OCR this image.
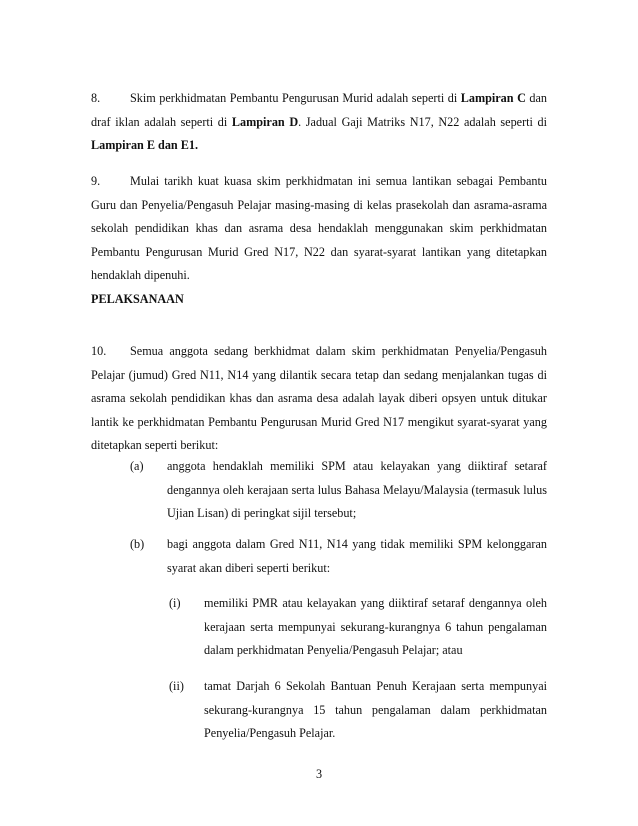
8. Skim perkhidmatan Pembantu Pengurusan Murid adalah seperti di Lampiran C dan draf iklan adalah seperti di Lampiran D. Jadual Gaji Matriks N17, N22 adalah seperti di Lampiran E dan E1.

9. Mulai tarikh kuat kuasa skim perkhidmatan ini semua lantikan sebagai Pembantu Guru dan Penyelia/Pengasuh Pelajar masing-masing di kelas prasekolah dan asrama-asrama sekolah pendidikan khas dan asrama desa hendaklah menggunakan skim perkhidmatan Pembantu Pengurusan Murid Gred N17, N22 dan syarat-syarat lantikan yang ditetapkan hendaklah dipenuhi.

PELAKSANAAN

10. Semua anggota sedang berkhidmat dalam skim perkhidmatan Penyelia/Pengasuh Pelajar (jumud) Gred N11, N14 yang dilantik secara tetap dan sedang menjalankan tugas di asrama sekolah pendidikan khas dan asrama desa adalah layak diberi opsyen untuk ditukar lantik ke perkhidmatan Pembantu Pengurusan Murid Gred N17 mengikut syarat-syarat yang ditetapkan seperti berikut:

(a) anggota hendaklah memiliki SPM atau kelayakan yang diiktiraf setaraf dengannya oleh kerajaan serta lulus Bahasa Melayu/Malaysia (termasuk lulus Ujian Lisan) di peringkat sijil tersebut;
(b) bagi anggota dalam Gred N11, N14 yang tidak memiliki SPM kelonggaran syarat akan diberi seperti berikut:
(i) memiliki PMR atau kelayakan yang diiktiraf setaraf dengannya oleh kerajaan serta mempunyai sekurang-kurangnya 6 tahun pengalaman dalam perkhidmatan Penyelia/Pengasuh Pelajar; atau
(ii) tamat Darjah 6 Sekolah Bantuan Penuh Kerajaan serta mempunyai sekurang-kurangnya 15 tahun pengalaman dalam perkhidmatan Penyelia/Pengasuh Pelajar.
3
